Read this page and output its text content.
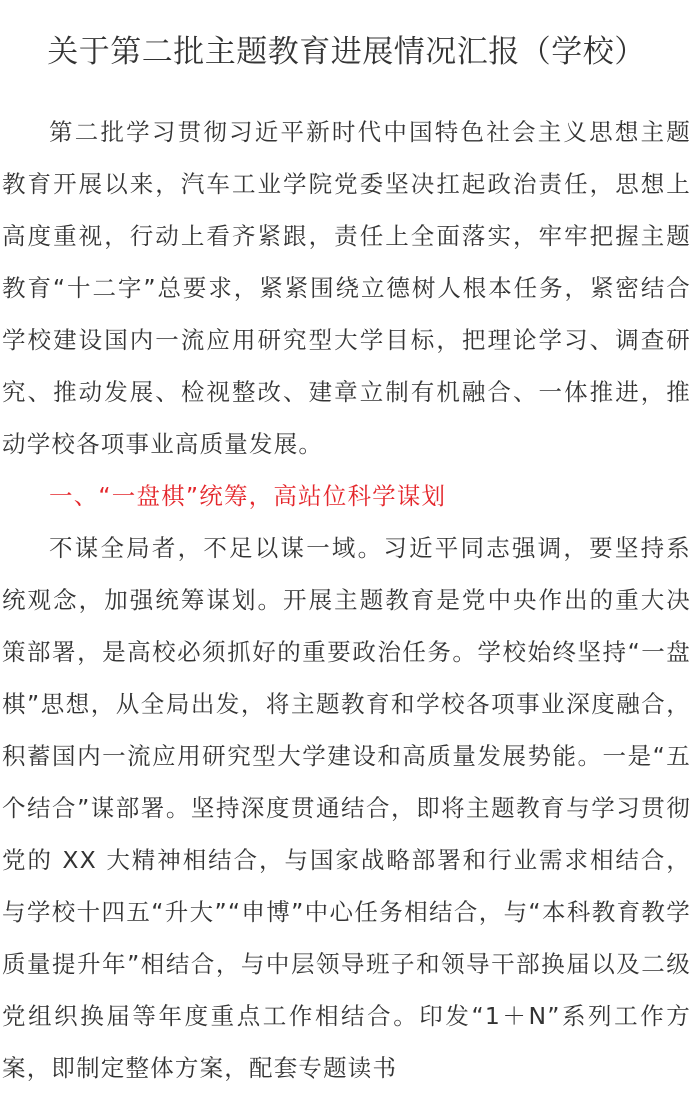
关于第二批主题教育进展情况汇报（学校）

第二批学习贯彻习近平新时代中国特色社会主义思想主题教育开展以来，汽车工业学院党委坚决扛起政治责任，思想上高度重视，行动上看齐紧跟，责任上全面落实，牢牢把握主题教育“十二字”总要求，紧紧围绕立德树人根本任务，紧密结合学校建设国内一流应用研究型大学目标，把理论学习、调查研究、推动发展、检视整改、建章立制有机融合、一体推进，推动学校各项事业高质量发展。

一、“一盘棋”统筹，高站位科学谋划

不谋全局者，不足以谋一域。习近平同志强调，要坚持系统观念，加强统筹谋划。开展主题教育是党中央作出的重大决策部署，是高校必须抓好的重要政治任务。学校始终坚持“一盘棋”思想，从全局出发，将主题教育和学校各项事业深度融合，积蓄国内一流应用研究型大学建设和高质量发展势能。一是“五个结合”谋部署。坚持深度贯通结合，即将主题教育与学习贯彻党的 XX 大精神相结合，与国家战略部署和行业需求相结合，与学校十四五“升大”“申博”中心任务相结合，与“本科教育教学质量提升年”相结合，与中层领导班子和领导干部换届以及二级党组织换届等年度重点工作相结合。印发“1＋N”系列工作方案，即制定整体方案，配套专题读书
